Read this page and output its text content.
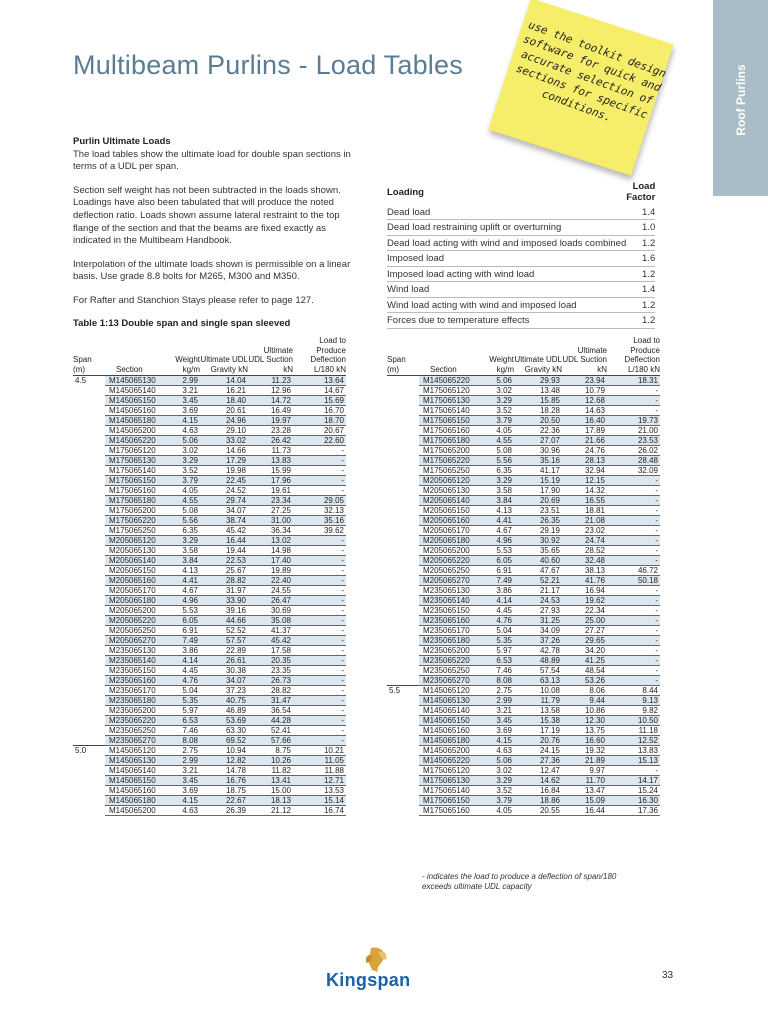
Roof Purlins
Multibeam Purlins - Load Tables	use the toolkit design software for quick and accurate selection of sections for specific conditions.
Purlin Ultimate Loads

The load tables show the ultimate load for double span sections in terms of a UDL per span.

Section self weight has not been subtracted in the loads shown. Loadings have also been tabulated that will produce the noted deflection ratio. Loads shown assume lateral restraint to the top flange of the section and that the beams are fixed exactly as indicated in the Multibeam Handbook.

Interpolation of the ultimate loads shown is permissible on a linear basis. Use grade 8.8 bolts for M265, M300 and M350.

For Rafter and Stanchion Stays please refer to page 127.

Loading	Load Factor
Dead load	1.4
Dead load restraining uplift or overturning	1.0
Dead load acting with wind and imposed loads combined	1.2
Imposed load	1.6
Imposed load acting with wind load	1.2
Wind load	1.4
Wind load acting with wind and imposed load	1.2
Forces due to temperature effects	1.2
Table 1:13 Double span and single span sleeved
Span (m)	Section	Weight kg/m	Ultimate UDL Gravity kN	Ultimate UDL Suction kN	Load to Produce Deflection L/180 kN
4.5	M145065130	2.99	14.04	11.23	13.64
	M145065140	3.21	16.21	12.96	14.67
	M145065150	3.45	18.40	14.72	15.69
	M145065160	3.69	20.61	16.49	16.70
	M145065180	4.15	24.96	19.97	18.70
	M145065200	4.63	29.10	23.28	20.67
	M145065220	5.06	33.02	26.42	22.60
	M175065120	3.02	14.66	11.73	-
	M175065130	3.29	17.29	13.83	-
	M175065140	3.52	19.98	15.99	-
	M175065150	3.79	22.45	17.96	-
	M175065160	4.05	24.52	19.61	-
	M175065180	4.55	29.74	23.34	29.05
	M175065200	5.08	34.07	27.25	32.13
	M175065220	5.56	38.74	31.00	35.16
	M175065250	6.35	45.42	36.34	39.62
	M205065120	3.29	16.44	13.02	-
	M205065130	3.58	19.44	14.98	-
	M205065140	3.84	22.53	17.40	-
	M205065150	4.13	25.67	19.89	-
	M205065160	4.41	28.82	22.40	-
	M205065170	4.67	31.97	24.55	-
	M205065180	4.96	33.90	26.47	-
	M205065200	5.53	39.16	30.69	-
	M205065220	6.05	44.66	35.08	-
	M205065250	6.91	52.52	41.37	-
	M205065270	7.49	57.57	45.42	-
	M235065130	3.86	22.89	17.58	-
	M235065140	4.14	26.61	20.35	-
	M235065150	4.45	30.38	23.35	-
	M235065160	4.76	34.07	26.73	-
	M235065170	5.04	37.23	28.82	-
	M235065180	5.35	40.75	31.47	-
	M235065200	5.97	46.89	36.54	-
	M235065220	6.53	53.69	44.28	-
	M235065250	7.46	63.30	52.41	-
	M235065270	8.08	69.52	57.66	-
5.0	M145065120	2.75	10.94	8.75	10.21
	M145065130	2.99	12.82	10.26	11.05
	M145065140	3.21	14.78	11.82	11.88
	M145065150	3.45	16.76	13.41	12.71
	M145065160	3.69	18.75	15.00	13.53
	M145065180	4.15	22.67	18.13	15.14
	M145065200	4.63	26.39	21.12	16.74
Span (m)	Section	Weight kg/m	Ultimate UDL Gravity kN	Ultimate UDL Suction kN	Load to Produce Deflection L/180 kN
	M145065220	5.06	29.93	23.94	18.31
	M175065120	3.02	13.48	10.79	-
	M175065130	3.29	15.85	12.68	-
	M175065140	3.52	18.28	14.63	-
	M175065150	3.79	20.50	16.40	19.73
	M175065160	4.05	22.36	17.89	21.00
	M175065180	4.55	27.07	21.66	23.53
	M175065200	5.08	30.96	24.76	26.02
	M175065220	5.56	35.16	28.13	28.48
	M175065250	6.35	41.17	32.94	32.09
	M205065120	3.29	15.19	12.15	-
	M205065130	3.58	17.90	14.32	-
	M205065140	3.84	20.69	16.55	-
	M205065150	4.13	23.51	18.81	-
	M205065160	4.41	26.35	21.08	-
	M205065170	4.67	29.19	23.02	-
	M205065180	4.96	30.92	24.74	-
	M205065200	5.53	35.65	28.52	-
	M205065220	6.05	40.60	32.48	-
	M205065250	6.91	47.67	38.13	46.72
	M205065270	7.49	52.21	41.76	50.18
	M235065130	3.86	21.17	16.94	-
	M235065140	4.14	24.53	19.62	-
	M235065150	4.45	27.93	22.34	-
	M235065160	4.76	31.25	25.00	-
	M235065170	5.04	34.09	27.27	-
	M235065180	5.35	37.26	29.65	-
	M235065200	5.97	42.78	34.20	-
	M235065220	6.53	48.89	41.25	-
	M235065250	7.46	57.54	48.54	-
	M235065270	8.08	63.13	53.26	-
5.5	M145065120	2.75	10.08	8.06	8.44
	M145065130	2.99	11.79	9.44	9.13
	M145065140	3.21	13.58	10.86	9.82
	M145065150	3.45	15.38	12.30	10.50
	M145065160	3.69	17.19	13.75	11.18
	M145065180	4.15	20.76	16.60	12.52
	M145065200	4.63	24.15	19.32	13.83
	M145065220	5.06	27.36	21.89	15.13
	M175065120	3.02	12.47	9.97	-
	M175065130	3.29	14.62	11.70	14.17
	M175065140	3.52	16.84	13.47	15.24
	M175065150	3.79	18.86	15.09	16.30
	M175065160	4.05	20.55	16.44	17.36
- indicates the load to produce a deflection of span/180 exceeds ultimate UDL capacity
Kingspan	33
